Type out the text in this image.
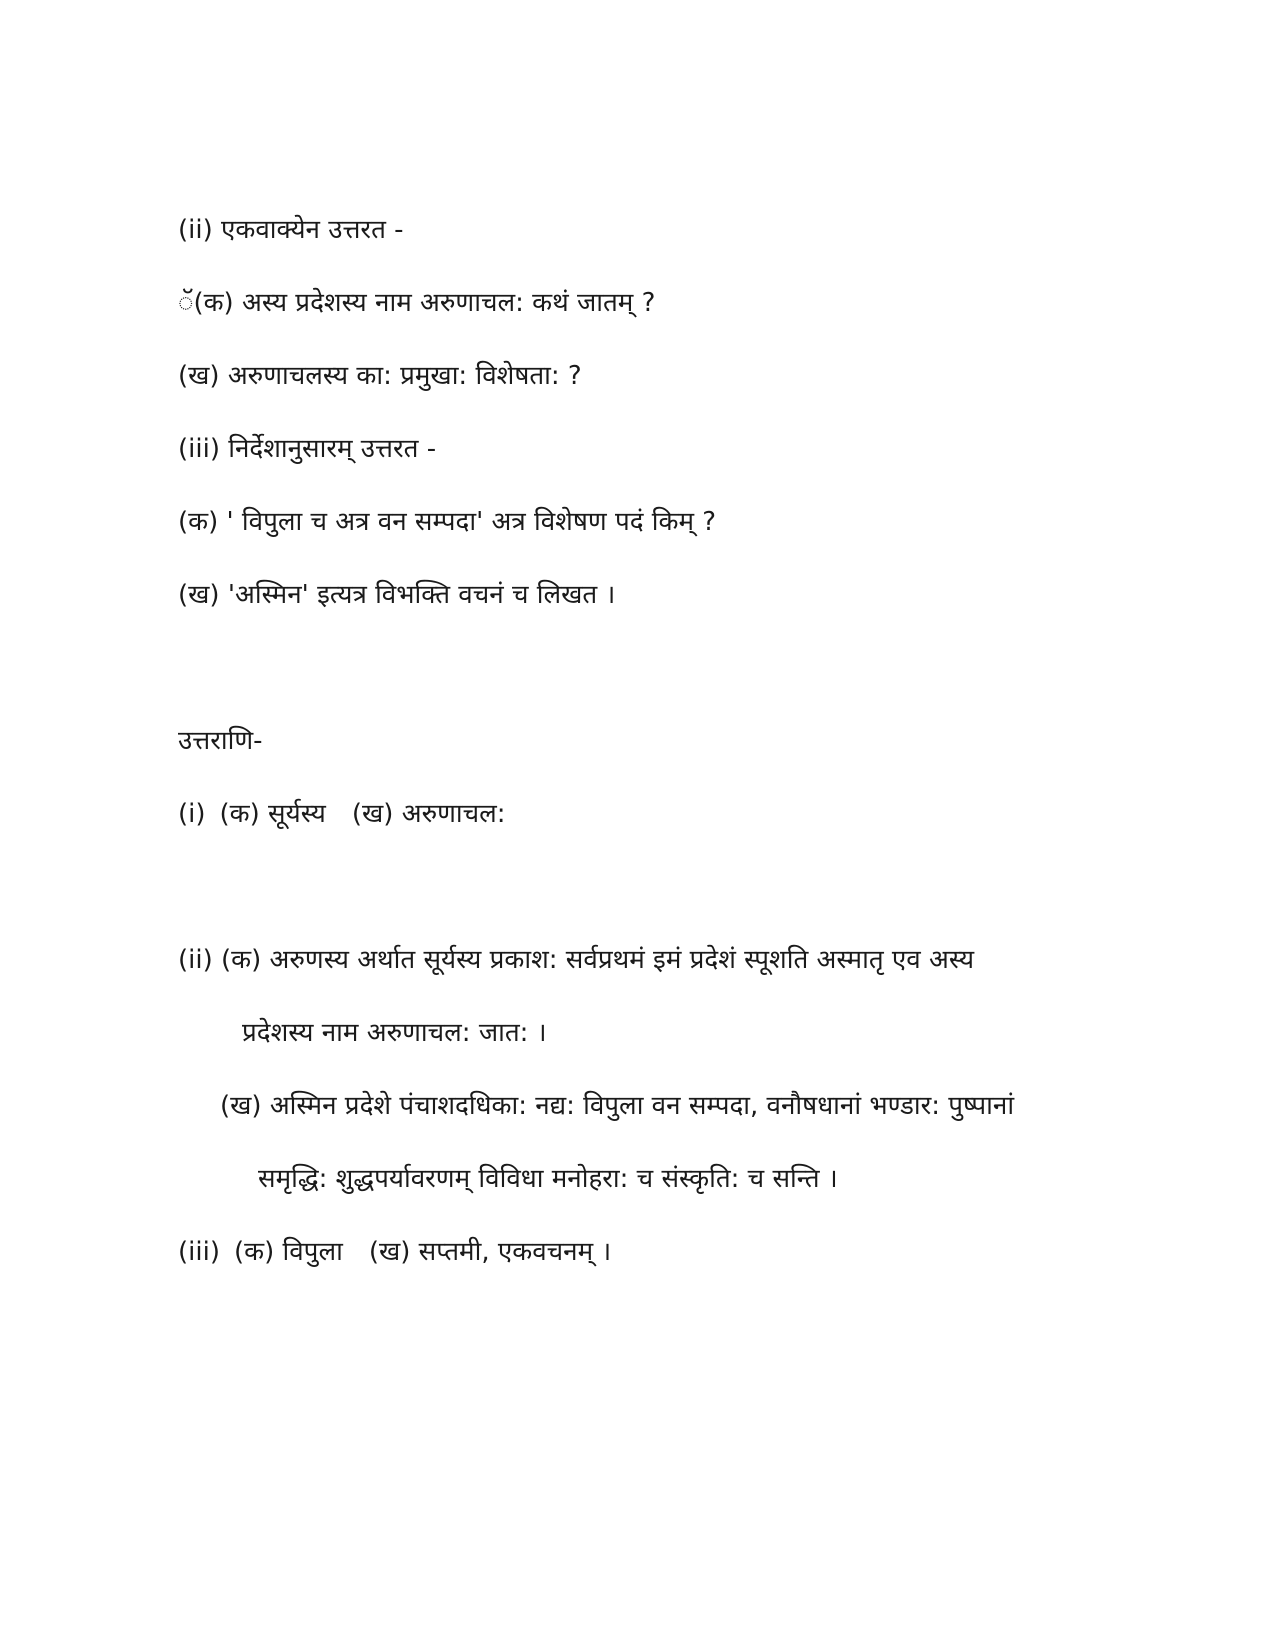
(ii) एकवाक्येन उत्तरत -
ॅ(क) अस्य प्रदेशस्य नाम अरुणाचल: कथं जातम् ?
(ख) अरुणाचलस्य का: प्रमुखा: विशेषता: ?
(iii) निर्देशानुसारम् उत्तरत -
(क) ' विपुला च अत्र वन सम्पदा' अत्र विशेषण पदं किम् ?
(ख) 'अस्मिन' इत्यत्र विभक्ति वचनं च लिखत ।
उत्तराणि-
(i) (क) सूर्यस्य (ख) अरुणाचल:
(ii) (क) अरुणस्य अर्थात सूर्यस्य प्रकाश: सर्वप्रथमं इमं प्रदेशं स्पूशति अस्मातृ एव अस्य
प्रदेशस्य नाम अरुणाचल: जात: ।
(ख) अस्मिन प्रदेशे पंचाशदधिका: नद्य: विपुला वन सम्पदा, वनौषधानां भण्डार: पुष्पानां
समृद्धि: शुद्धपर्यावरणम् विविधा मनोहरा: च संस्कृति: च सन्ति ।
(iii) (क) विपुला (ख) सप्तमी, एकवचनम् ।
